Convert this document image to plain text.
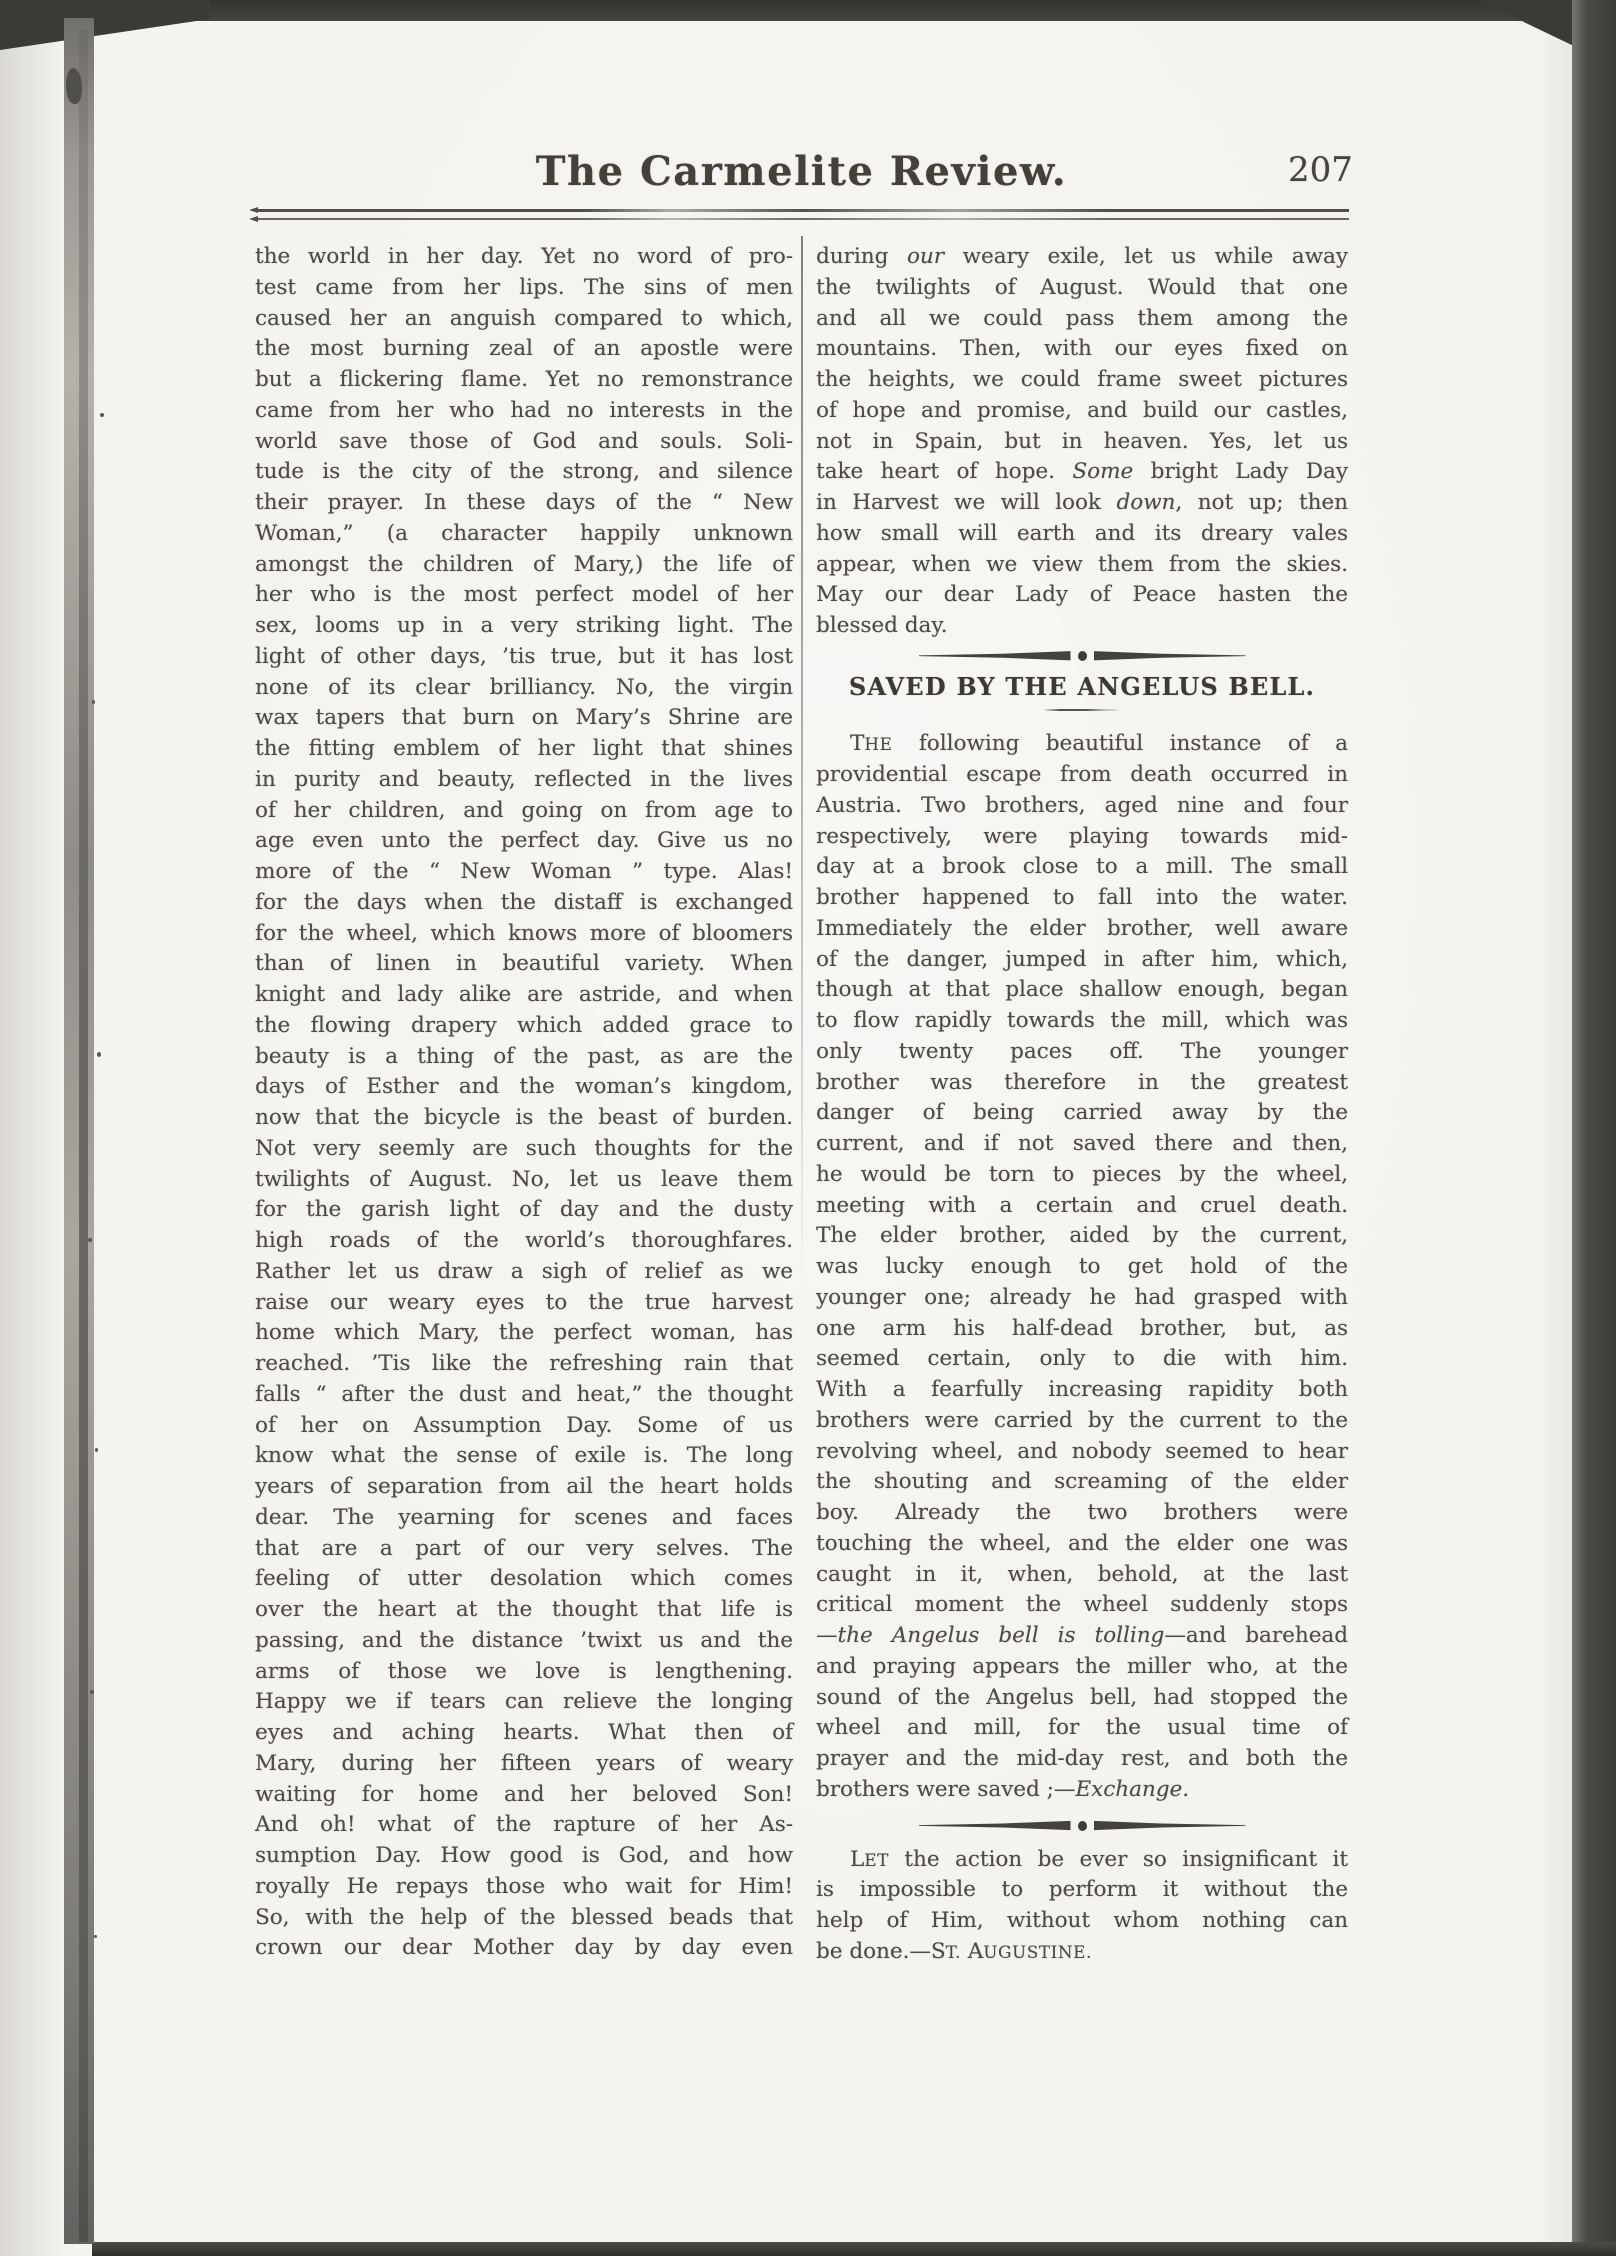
The Carmelite Review.	207
the world in her day. Yet no word of pro-
test came from her lips. The sins of men
caused her an anguish compared to which,
the most burning zeal of an apostle were
but a flickering flame. Yet no remonstrance
came from her who had no interests in the
world save those of God and souls. Soli-
tude is the city of the strong, and silence
their prayer. In these days of the “ New
Woman,” (a character happily unknown
amongst the children of Mary,) the life of
her who is the most perfect model of her
sex, looms up in a very striking light. The
light of other days, ’tis true, but it has lost
none of its clear brilliancy. No, the virgin
wax tapers that burn on Mary’s Shrine are
the fitting emblem of her light that shines
in purity and beauty, reflected in the lives
of her children, and going on from age to
age even unto the perfect day. Give us no
more of the “ New Woman ” type. Alas!
for the days when the distaff is exchanged
for the wheel, which knows more of bloomers
than of linen in beautiful variety. When
knight and lady alike are astride, and when
the flowing drapery which added grace to
beauty is a thing of the past, as are the
days of Esther and the woman’s kingdom,
now that the bicycle is the beast of burden.
Not very seemly are such thoughts for the
twilights of August. No, let us leave them
for the garish light of day and the dusty
high roads of the world’s thoroughfares.
Rather let us draw a sigh of relief as we
raise our weary eyes to the true harvest
home which Mary, the perfect woman, has
reached. ’Tis like the refreshing rain that
falls “ after the dust and heat,” the thought
of her on Assumption Day. Some of us
know what the sense of exile is. The long
years of separation from ail the heart holds
dear. The yearning for scenes and faces
that are a part of our very selves. The
feeling of utter desolation which comes
over the heart at the thought that life is
passing, and the distance ’twixt us and the
arms of those we love is lengthening.
Happy we if tears can relieve the longing
eyes and aching hearts. What then of
Mary, during her fifteen years of weary
waiting for home and her beloved Son!
And oh! what of the rapture of her As-
sumption Day. How good is God, and how
royally He repays those who wait for Him!
So, with the help of the blessed beads that
crown our dear Mother day by day even
during our weary exile, let us while away
the twilights of August. Would that one
and all we could pass them among the
mountains. Then, with our eyes fixed on
the heights, we could frame sweet pictures
of hope and promise, and build our castles,
not in Spain, but in heaven. Yes, let us
take heart of hope. Some bright Lady Day
in Harvest we will look down, not up; then
how small will earth and its dreary vales
appear, when we view them from the skies.
May our dear Lady of Peace hasten the
blessed day.
SAVED BY THE ANGELUS BELL.
THE following beautiful instance of a
providential escape from death occurred in
Austria. Two brothers, aged nine and four
respectively, were playing towards mid-
day at a brook close to a mill. The small
brother happened to fall into the water.
Immediately the elder brother, well aware
of the danger, jumped in after him, which,
though at that place shallow enough, began
to flow rapidly towards the mill, which was
only twenty paces off. The younger
brother was therefore in the greatest
danger of being carried away by the
current, and if not saved there and then,
he would be torn to pieces by the wheel,
meeting with a certain and cruel death.
The elder brother, aided by the current,
was lucky enough to get hold of the
younger one; already he had grasped with
one arm his half-dead brother, but, as
seemed certain, only to die with him.
With a fearfully increasing rapidity both
brothers were carried by the current to the
revolving wheel, and nobody seemed to hear
the shouting and screaming of the elder
boy. Already the two brothers were
touching the wheel, and the elder one was
caught in it, when, behold, at the last
critical moment the wheel suddenly stops
—the Angelus bell is tolling—and barehead
and praying appears the miller who, at the
sound of the Angelus bell, had stopped the
wheel and mill, for the usual time of
prayer and the mid-day rest, and both the
brothers were saved ;—Exchange.
LET the action be ever so insignificant it
is impossible to perform it without the
help of Him, without whom nothing can
be done.—ST. AUGUSTINE.
